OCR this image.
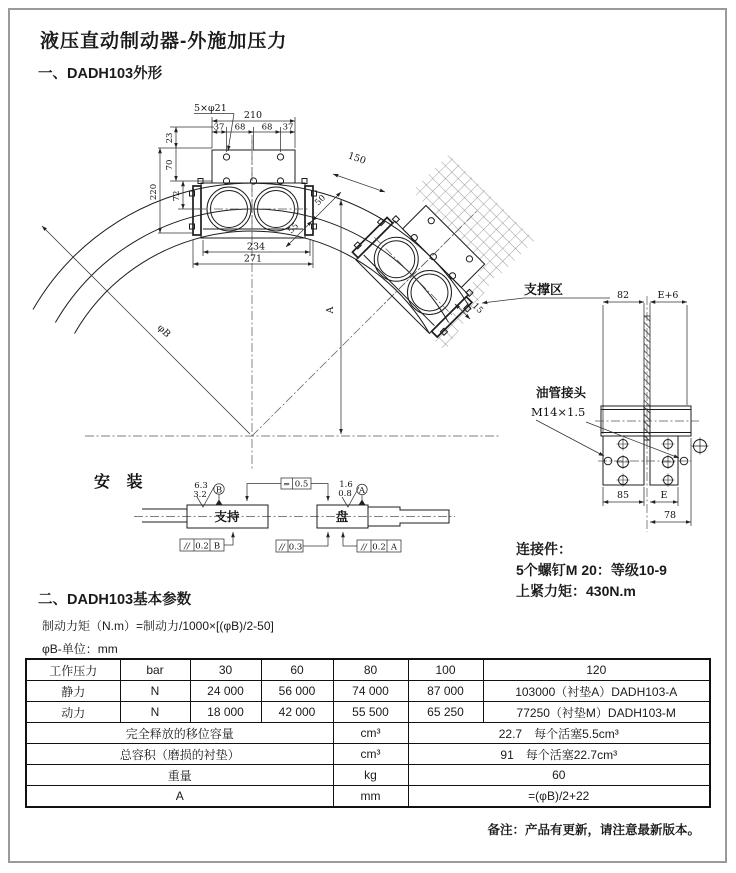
液压直动制动器-外施加压力
一、DADH103外形
φB
A
150
55
50
15
5×φ21
210
37 68 68 37
23
70
72
220
234
271
支撑区	82	E+6
油管接头
M14×1.5
85	E
78
安 装
支持	盘
6.3
3.2 B
1.6
0.8 A
= 0.5
// 0.2 B	// 0.3	// 0.2 A	连接件：
5个螺钉M 20：等级10-9
上紧力矩：430N.m
二、DADH103基本参数
制动力矩（N.m）=制动力/1000×[(φB)/2-50]
φB-单位：mm
工作压力	bar	30	60	80	100	120
静力	N	24 000	56 000	74 000	87 000	103000（衬垫A）DADH103-A
动力	N	18 000	42 000	55 500	65 250	77250（衬垫M）DADH103-M
完全释放的移位容量				cm³	22.7　每个活塞5.5cm³	
总容积（磨损的衬垫）				cm³	91　每个活塞22.7cm³	
重量				kg	60	
A				mm	=(φB)/2+22	
备注：产品有更新，请注意最新版本。
